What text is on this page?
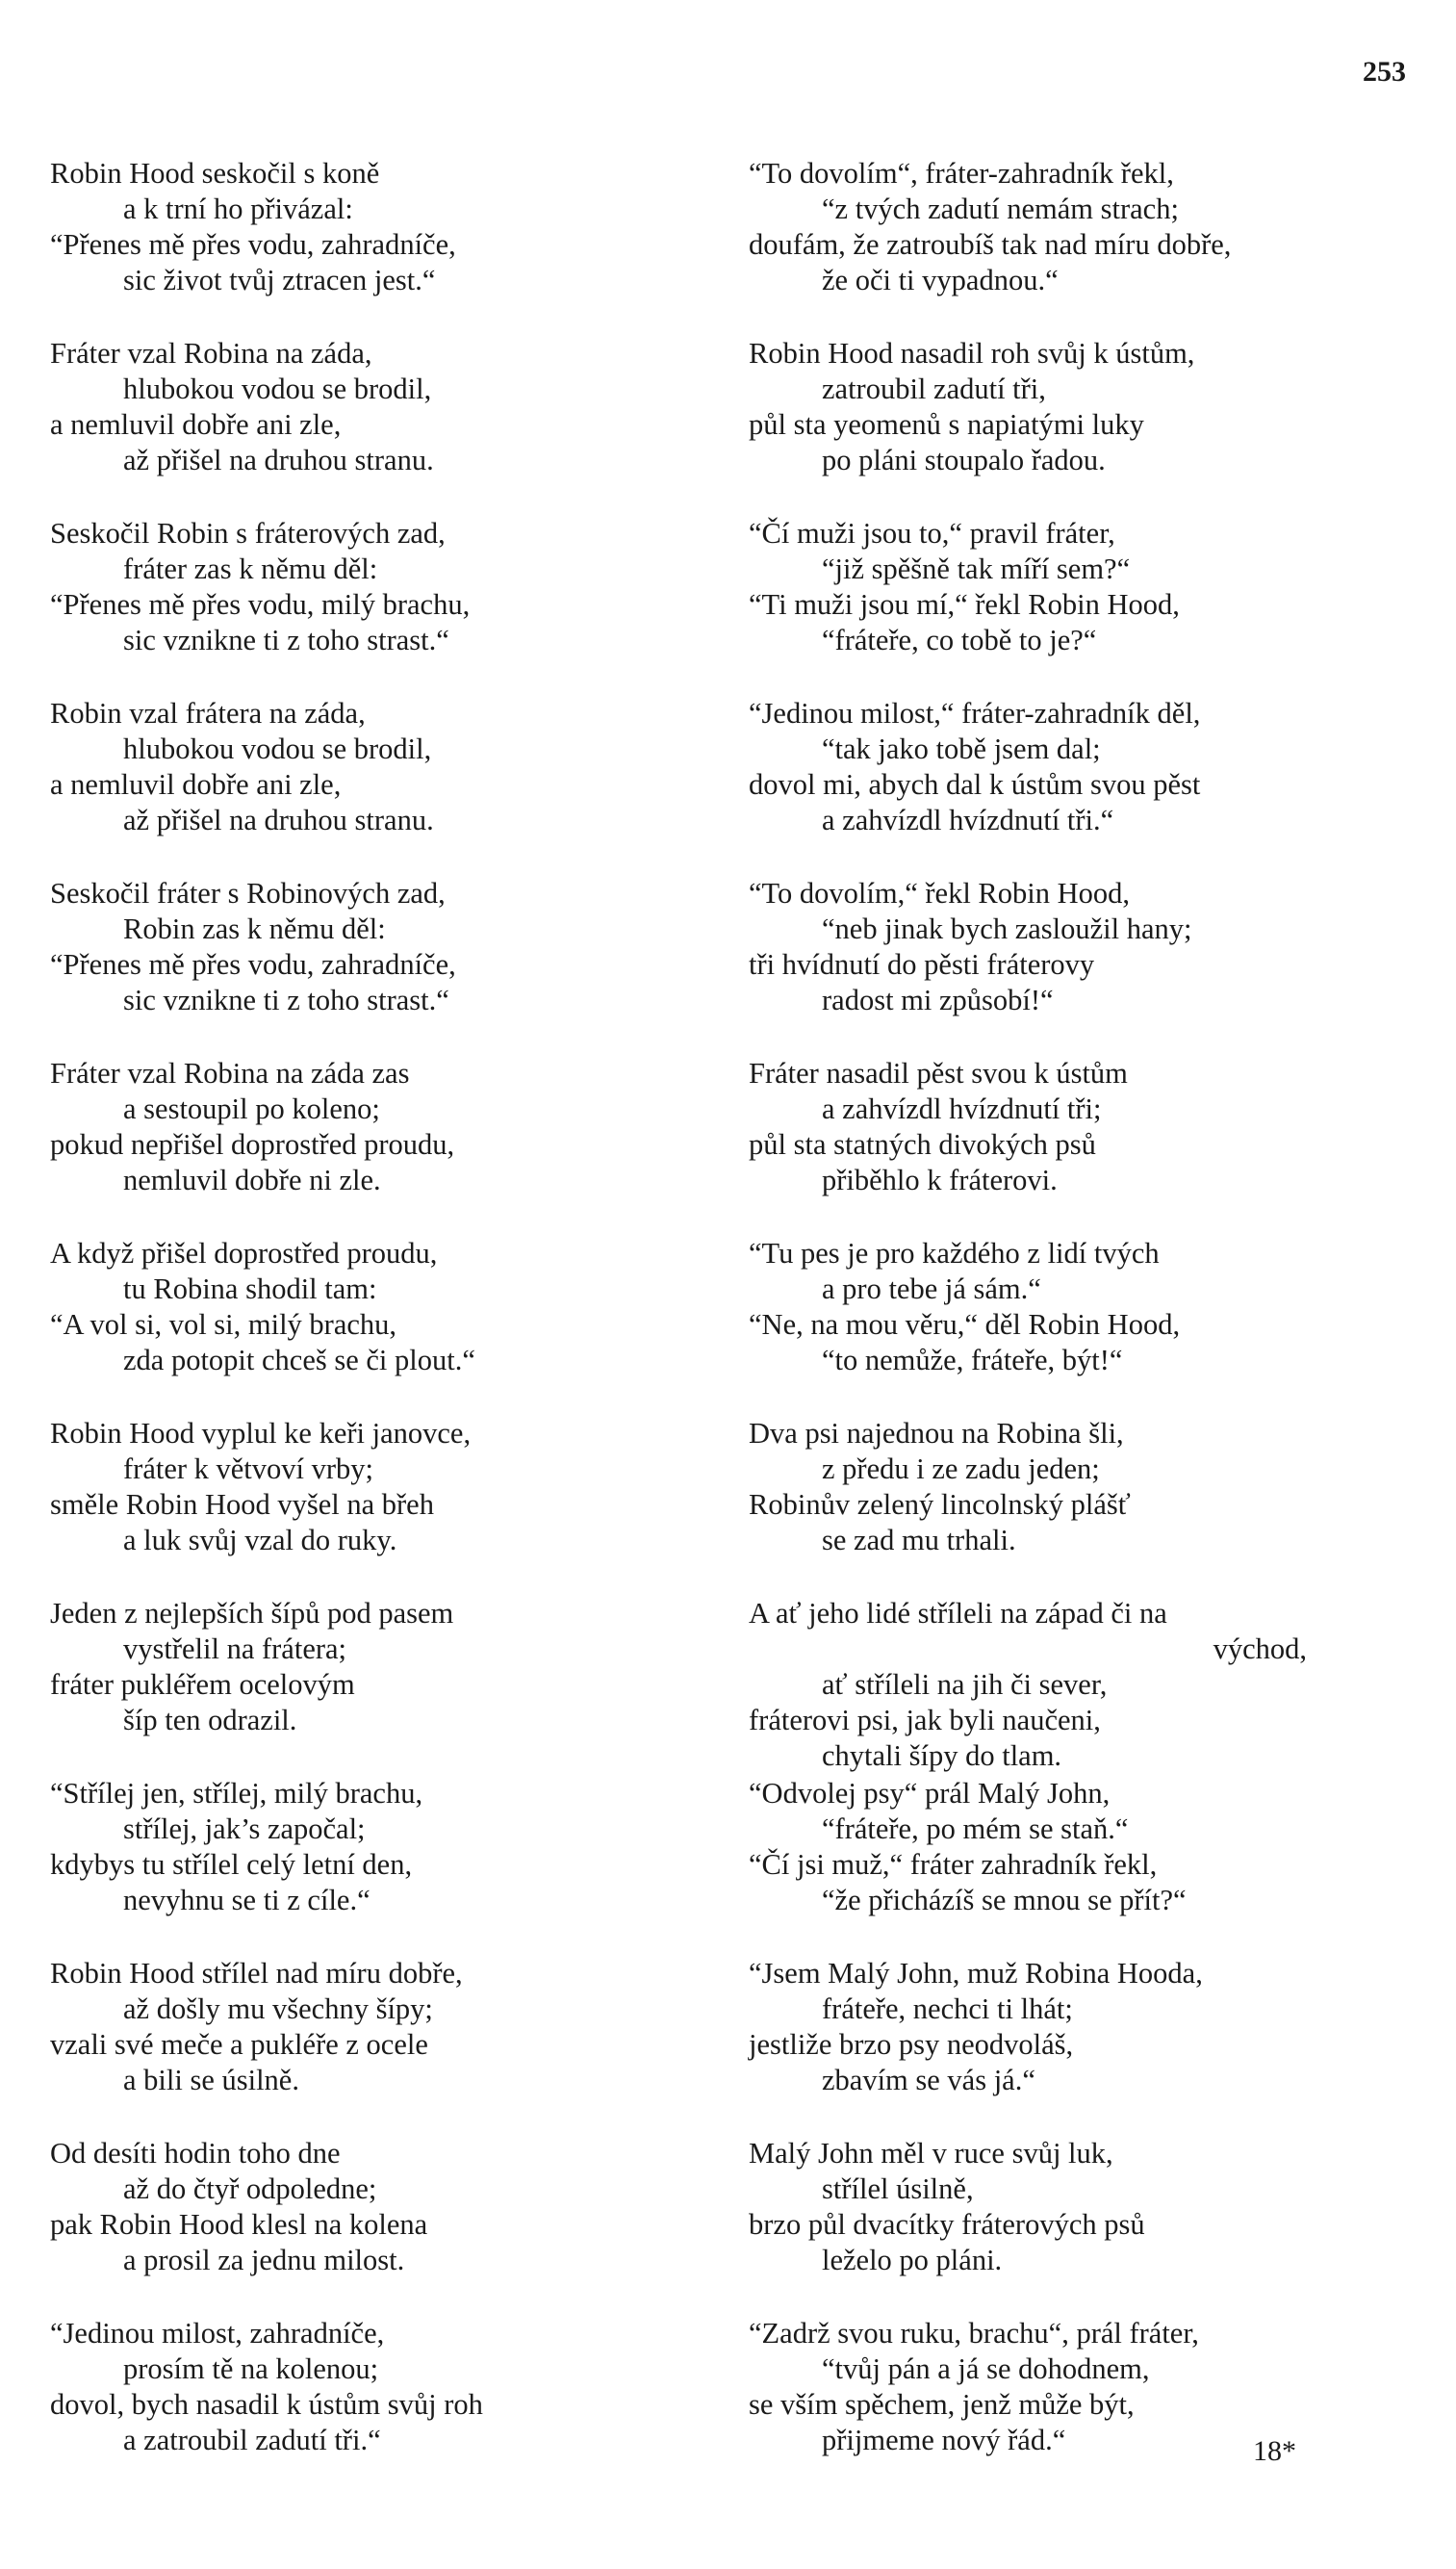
253
Robin Hood seskočil s koně
a k trní ho přivázal:
“Přenes mě přes vodu, zahradníče,
sic život tvůj ztracen jest.“
Fráter vzal Robina na záda,
hlubokou vodou se brodil,
a nemluvil dobře ani zle,
až přišel na druhou stranu.
Seskočil Robin s fráterových zad,
fráter zas k němu děl:
“Přenes mě přes vodu, milý brachu,
sic vznikne ti z toho strast.“
Robin vzal frátera na záda,
hlubokou vodou se brodil,
a nemluvil dobře ani zle,
až přišel na druhou stranu.
Seskočil fráter s Robinových zad,
Robin zas k němu děl:
“Přenes mě přes vodu, zahradníče,
sic vznikne ti z toho strast.“
Fráter vzal Robina na záda zas
a sestoupil po koleno;
pokud nepřišel doprostřed proudu,
nemluvil dobře ni zle.
A když přišel doprostřed proudu,
tu Robina shodil tam:
“A vol si, vol si, milý brachu,
zda potopit chceš se či plout.“
Robin Hood vyplul ke keři janovce,
fráter k větvoví vrby;
směle Robin Hood vyšel na břeh
a luk svůj vzal do ruky.
Jeden z nejlepších šípů pod pasem
vystřelil na frátera;
fráter pukléřem ocelovým
šíp ten odrazil.
“Střílej jen, střílej, milý brachu,
střílej, jak’s započal;
kdybys tu střílel celý letní den,
nevyhnu se ti z cíle.“
Robin Hood střílel nad míru dobře,
až došly mu všechny šípy;
vzali své meče a pukléře z ocele
a bili se úsilně.
Od desíti hodin toho dne
až do čtyř odpoledne;
pak Robin Hood klesl na kolena
a prosil za jednu milost.
“Jedinou milost, zahradníče,
prosím tě na kolenou;
dovol, bych nasadil k ústům svůj roh
a zatroubil zadutí tři.“
“To dovolím“, fráter-zahradník řekl,
“z tvých zadutí nemám strach;
doufám, že zatroubíš tak nad míru dobře,
že oči ti vypadnou.“
Robin Hood nasadil roh svůj k ústům,
zatroubil zadutí tři,
půl sta yeomenů s napiatými luky
po pláni stoupalo řadou.
“Čí muži jsou to,“ pravil fráter,
“již spěšně tak míří sem?“
“Ti muži jsou mí,“ řekl Robin Hood,
“fráteře, co tobě to je?“
“Jedinou milost,“ fráter-zahradník děl,
“tak jako tobě jsem dal;
dovol mi, abych dal k ústům svou pěst
a zahvízdl hvízdnutí tři.“
“To dovolím,“ řekl Robin Hood,
“neb jinak bych zasloužil hany;
tři hvídnutí do pěsti fráterovy
radost mi způsobí!“
Fráter nasadil pěst svou k ústům
a zahvízdl hvízdnutí tři;
půl sta statných divokých psů
přiběhlo k fráterovi.
“Tu pes je pro každého z lidí tvých
a pro tebe já sám.“
“Ne, na mou věru,“ děl Robin Hood,
“to nemůže, fráteře, být!“
Dva psi najednou na Robina šli,
z předu i ze zadu jeden;
Robinův zelený lincolnský plášť
se zad mu trhali.
A ať jeho lidé stříleli na západ či na
východ,
ať stříleli na jih či sever,
fráterovi psi, jak byli naučeni,
chytali šípy do tlam.
“Odvolej psy“ prál Malý John,
“fráteře, po mém se staň.“
“Čí jsi muž,“ fráter zahradník řekl,
“že přicházíš se mnou se přít?“
“Jsem Malý John, muž Robina Hooda,
fráteře, nechci ti lhát;
jestliže brzo psy neodvoláš,
zbavím se vás já.“
Malý John měl v ruce svůj luk,
střílel úsilně,
brzo půl dvacítky fráterových psů
leželo po pláni.
“Zadrž svou ruku, brachu“, prál fráter,
“tvůj pán a já se dohodnem,
se vším spěchem, jenž může být,
přijmeme nový řád.“	18*
